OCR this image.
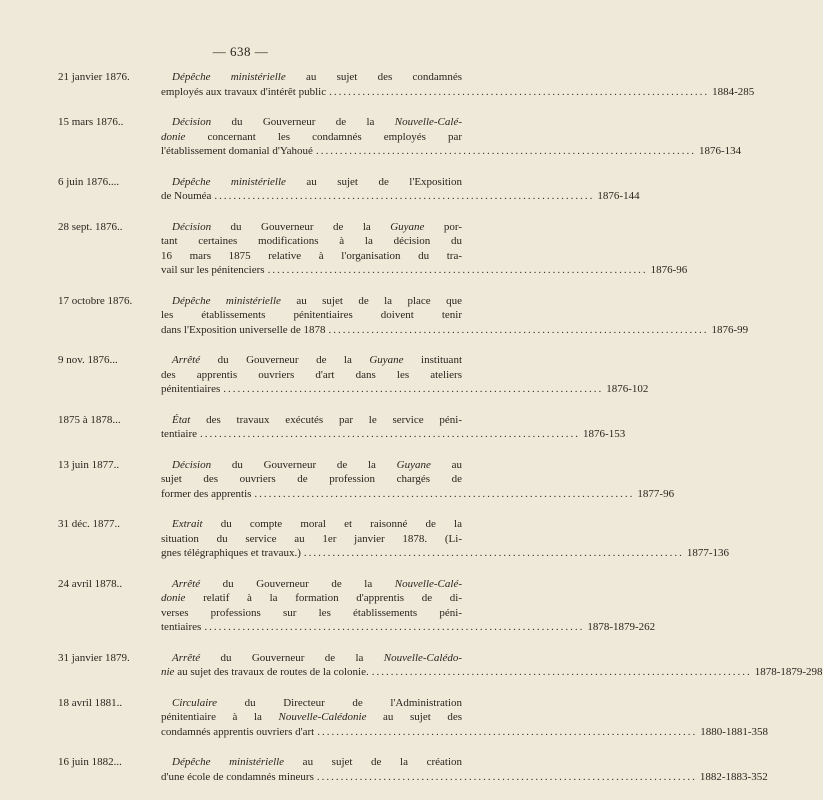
— 638 —
21 janvier 1876.	Dépêche ministérielle au sujet des condamnés
employés aux travaux d'intérêt public ................................................................................ 1884-285
15 mars 1876..	Décision du Gouverneur de la Nouvelle-Calé-
donie concernant les condamnés employés par
l'établissement domanial d'Yahoué ................................................................................ 1876-134
6 juin 1876....	Dépêche ministérielle au sujet de l'Exposition
de Nouméa ................................................................................ 1876-144
28 sept. 1876..	Décision du Gouverneur de la Guyane por-
tant certaines modifications à la décision du
16 mars 1875 relative à l'organisation du tra-
vail sur les pénitenciers ................................................................................ 1876-96
17 octobre 1876.	Dépêche ministérielle au sujet de la place que
les établissements pénitentiaires doivent tenir
dans l'Exposition universelle de 1878 ................................................................................ 1876-99
9 nov. 1876...	Arrêté du Gouverneur de la Guyane instituant
des apprentis ouvriers d'art dans les ateliers
pénitentiaires ................................................................................ 1876-102
1875 à 1878...	État des travaux exécutés par le service péni-
tentiaire ................................................................................ 1876-153
13 juin 1877..	Décision du Gouverneur de la Guyane au
sujet des ouvriers de profession chargés de
former des apprentis ................................................................................ 1877-96
31 déc. 1877..	Extrait du compte moral et raisonné de la
situation du service au 1er janvier 1878. (Li-
gnes télégraphiques et travaux.) ................................................................................ 1877-136
24 avril 1878..	Arrêté du Gouverneur de la Nouvelle-Calé-
donie relatif à la formation d'apprentis de di-
verses professions sur les établissements péni-
tentiaires ................................................................................ 1878-1879-262
31 janvier 1879.	Arrêté du Gouverneur de la Nouvelle-Calédo-
nie au sujet des travaux de routes de la colonie. ................................................................................ 1878-1879-298
18 avril 1881..	Circulaire du Directeur de l'Administration
pénitentiaire à la Nouvelle-Calédonie au sujet des
condamnés apprentis ouvriers d'art ................................................................................ 1880-1881-358
16 juin 1882...	Dépêche ministérielle au sujet de la création
d'une école de condamnés mineurs ................................................................................ 1882-1883-352
